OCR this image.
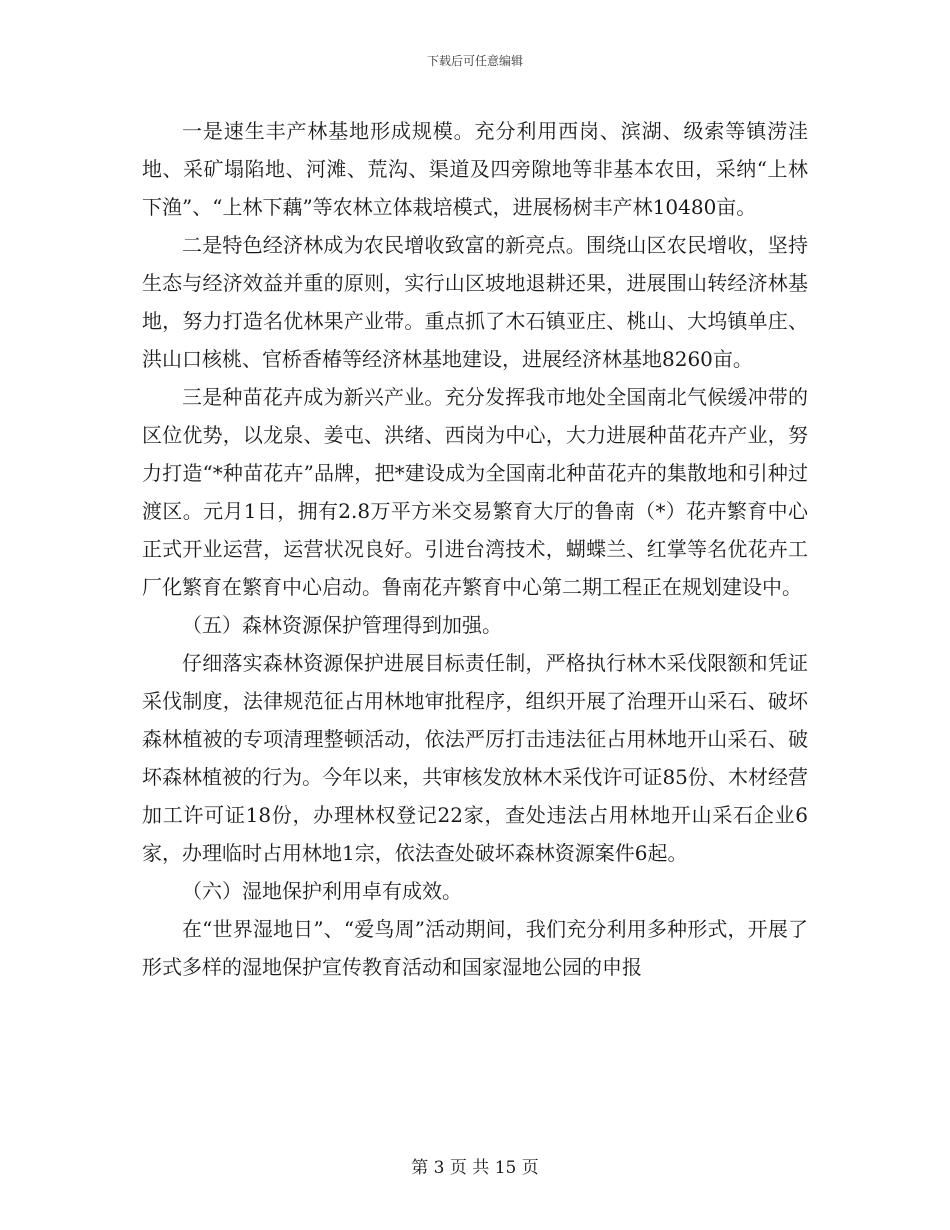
下载后可任意编辑

一是速生丰产林基地形成规模。充分利用西岗、滨湖、级索等镇涝洼地、采矿塌陷地、河滩、荒沟、渠道及四旁隙地等非基本农田，采纳“上林下渔”、“上林下藕”等农林立体栽培模式，进展杨树丰产林10480亩。

二是特色经济林成为农民增收致富的新亮点。围绕山区农民增收，坚持生态与经济效益并重的原则，实行山区坡地退耕还果，进展围山转经济林基地，努力打造名优林果产业带。重点抓了木石镇亚庄、桃山、大坞镇单庄、洪山口核桃、官桥香椿等经济林基地建设，进展经济林基地8260亩。

三是种苗花卉成为新兴产业。充分发挥我市地处全国南北气候缓冲带的区位优势，以龙泉、姜屯、洪绪、西岗为中心，大力进展种苗花卉产业，努力打造“*种苗花卉”品牌，把*建设成为全国南北种苗花卉的集散地和引种过渡区。元月1日，拥有2.8万平方米交易繁育大厅的鲁南（*）花卉繁育中心正式开业运营，运营状况良好。引进台湾技术，蝴蝶兰、红掌等名优花卉工厂化繁育在繁育中心启动。鲁南花卉繁育中心第二期工程正在规划建设中。

（五）森林资源保护管理得到加强。

仔细落实森林资源保护进展目标责任制，严格执行林木采伐限额和凭证采伐制度，法律规范征占用林地审批程序，组织开展了治理开山采石、破坏森林植被的专项清理整顿活动，依法严厉打击违法征占用林地开山采石、破坏森林植被的行为。今年以来，共审核发放林木采伐许可证85份、木材经营加工许可证18份，办理林权登记22家，查处违法占用林地开山采石企业6家，办理临时占用林地1宗，依法查处破坏森林资源案件6起。

（六）湿地保护利用卓有成效。

在“世界湿地日”、“爱鸟周”活动期间，我们充分利用多种形式，开展了形式多样的湿地保护宣传教育活动和国家湿地公园的申报

第 3 页 共 15 页
